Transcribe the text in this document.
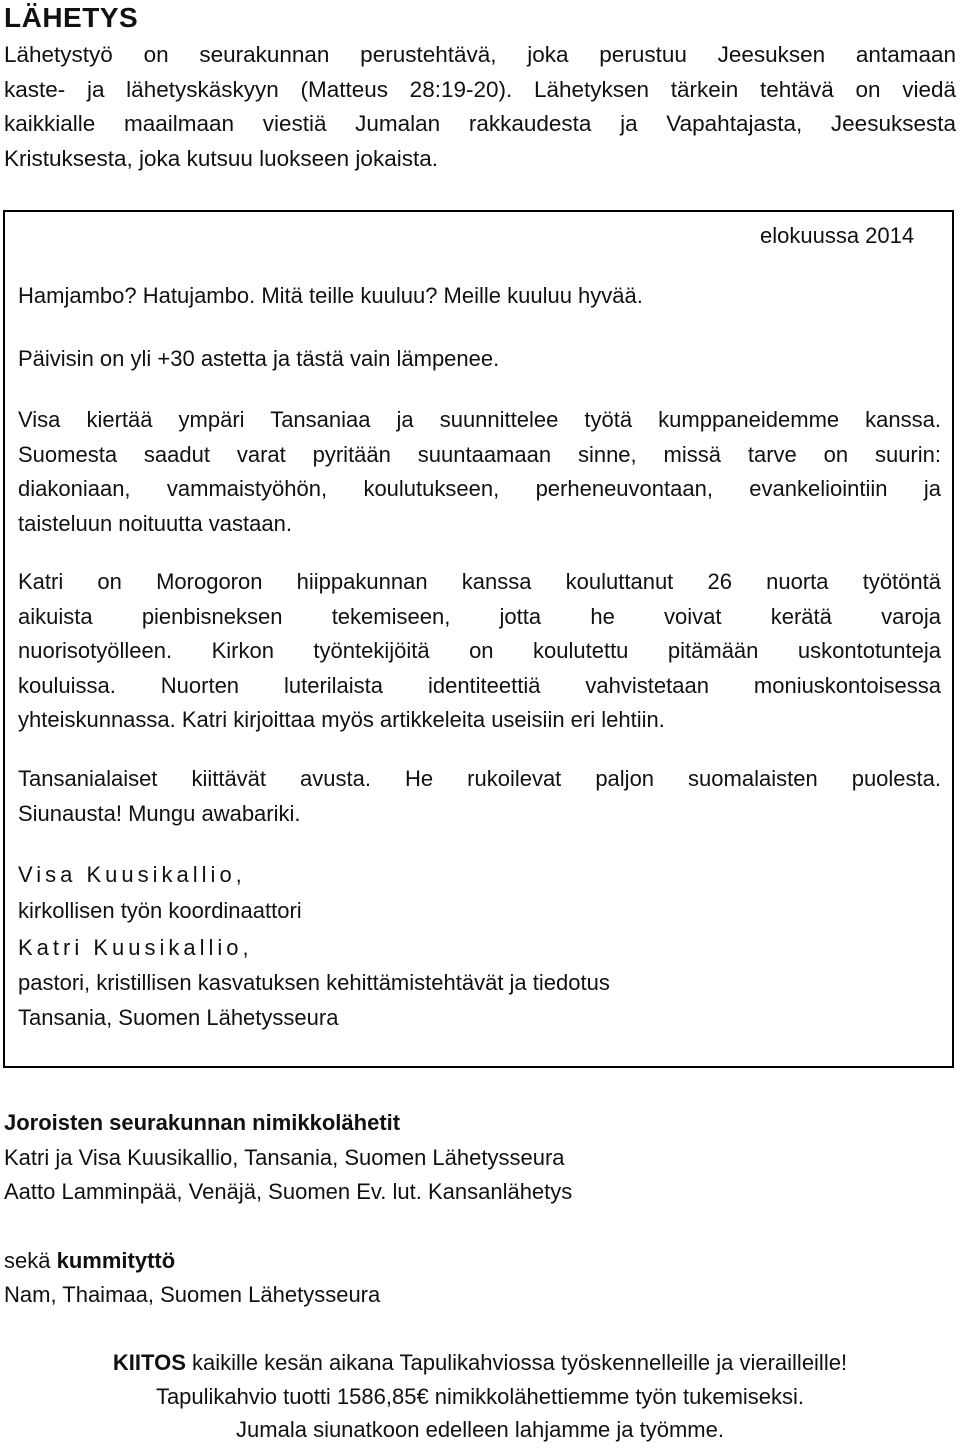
LÄHETYS
Lähetystyö on seurakunnan perustehtävä, joka perustuu Jeesuksen antamaan
kaste- ja lähetyskäskyyn (Matteus 28:19-20). Lähetyksen tärkein tehtävä on viedä
kaikkialle maailmaan viestiä Jumalan rakkaudesta ja Vapahtajasta, Jeesuksesta
Kristuksesta, joka kutsuu luokseen jokaista.
elokuussa 2014
Hamjambo? Hatujambo. Mitä teille kuuluu? Meille kuuluu hyvää.
Päivisin on yli +30 astetta ja tästä vain lämpenee.
Visa kiertää ympäri Tansaniaa ja suunnittelee työtä kumppaneidemme kanssa.
Suomesta saadut varat pyritään suuntaamaan sinne, missä tarve on suurin:
diakoniaan, vammaistyöhön, koulutukseen, perheneuvontaan, evankeliointiin ja
taisteluun noituutta vastaan.
Katri on Morogoron hiippakunnan kanssa kouluttanut 26 nuorta työtöntä
aikuista pienbisneksen tekemiseen, jotta he voivat kerätä varoja
nuorisotyölleen. Kirkon työntekijöitä on koulutettu pitämään uskontotunteja
kouluissa. Nuorten luterilaista identiteettiä vahvistetaan moniuskontoisessa
yhteiskunnassa. Katri kirjoittaa myös artikkeleita useisiin eri lehtiin.
Tansanialaiset kiittävät avusta. He rukoilevat paljon suomalaisten puolesta.
Siunausta! Mungu awabariki.
Visa Kuusikallio,
kirkollisen työn koordinaattori
Katri Kuusikallio,
pastori, kristillisen kasvatuksen kehittämistehtävät ja tiedotus
Tansania, Suomen Lähetysseura
Joroisten seurakunnan nimikkolähetit
Katri ja Visa Kuusikallio, Tansania, Suomen Lähetysseura
Aatto Lamminpää, Venäjä, Suomen Ev. lut. Kansanlähetys
sekä kummityttö
Nam, Thaimaa, Suomen Lähetysseura
KIITOS kaikille kesän aikana Tapulikahviossa työskennelleille ja vierailleille!
Tapulikahvio tuotti 1586,85€ nimikkolähettiemme työn tukemiseksi.
Jumala siunatkoon edelleen lahjamme ja työmme.
